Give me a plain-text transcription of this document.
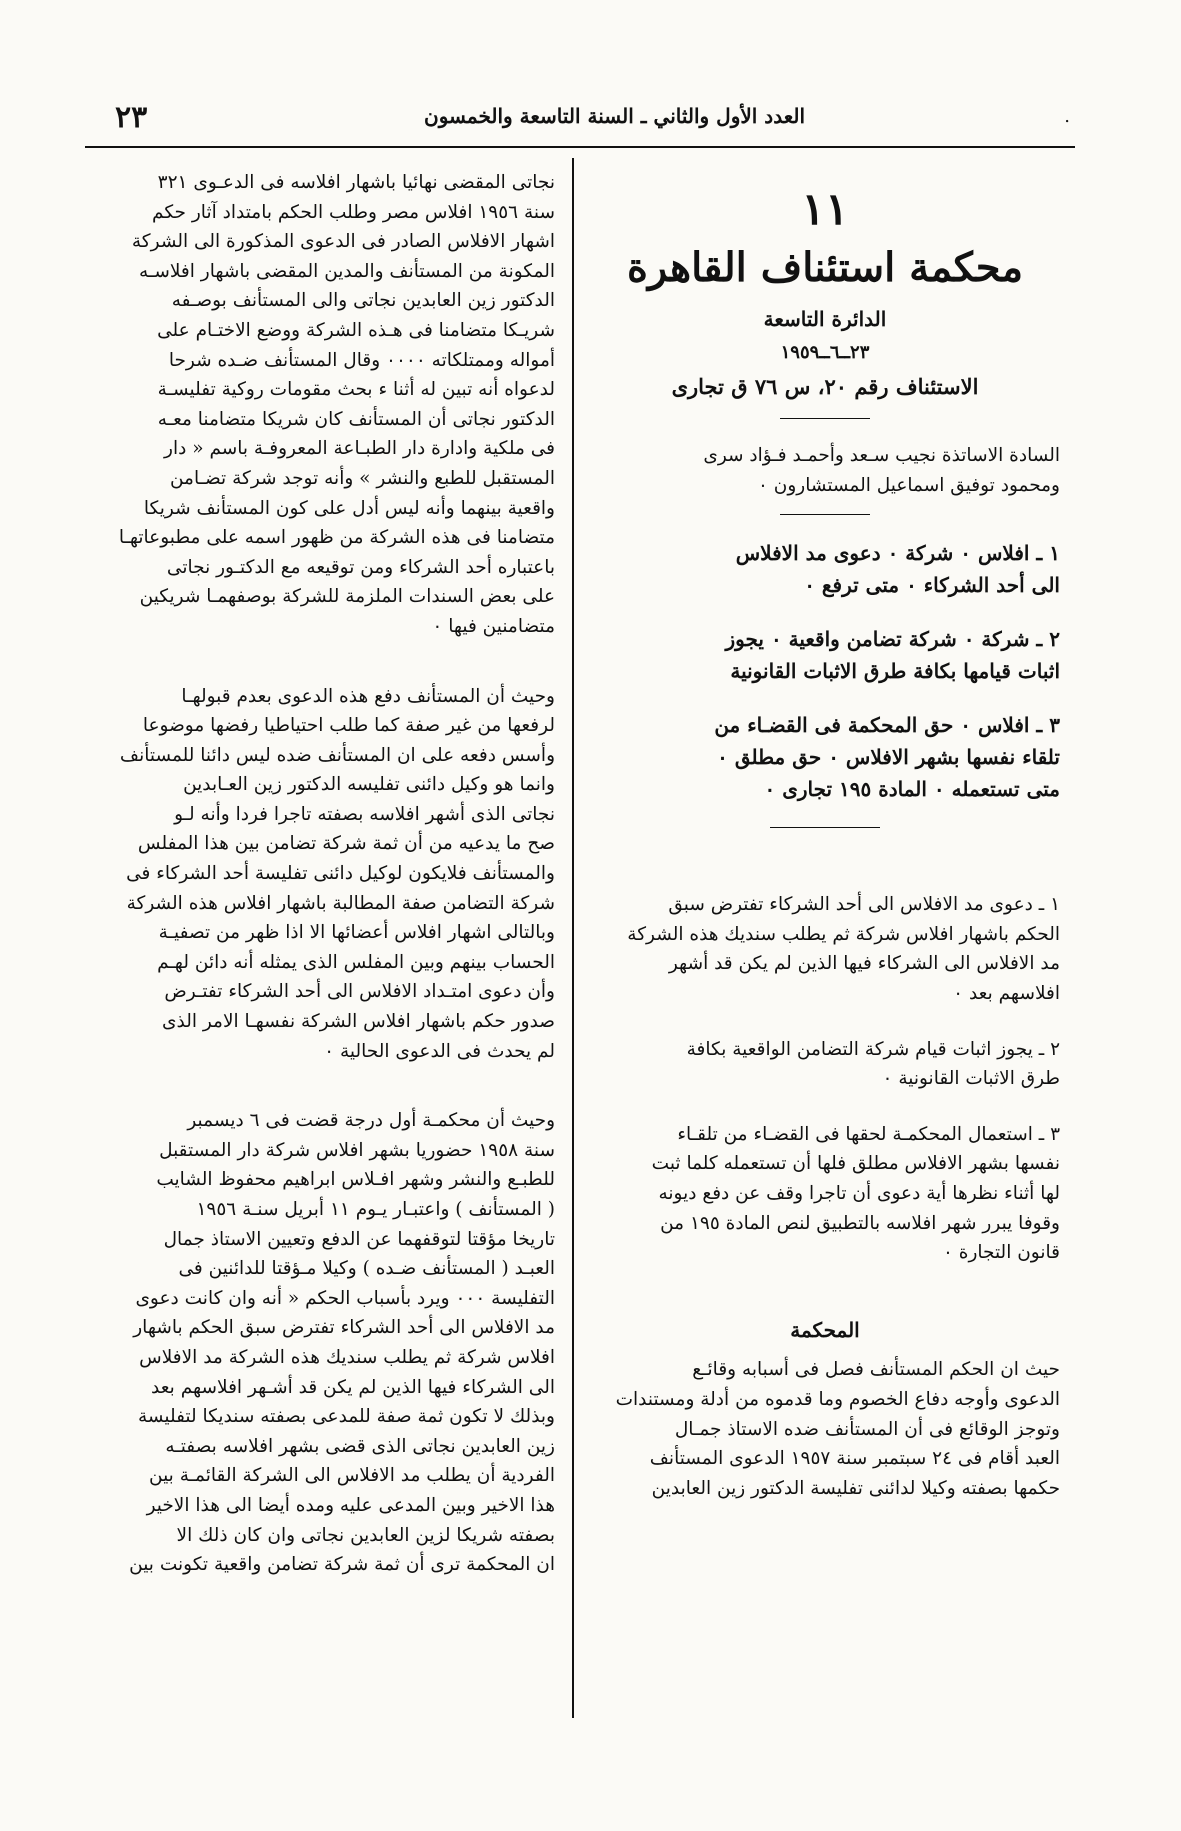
.
العدد الأول والثاني ـ السنة التاسعة والخمسون
٢٣
١١
محكمة استئناف القاهرة
الدائرة التاسعة
٢٣ــ٦ــ١٩٥٩
الاستئناف رقم ٢٠، س ٧٦ ق تجارى

السادة الاساتذة نجيب سـعد وأحمـد فـؤاد سرى

ومحمود توفيق اسماعيل المستشارون ٠

١ ـ افلاس ٠ شركة ٠ دعوى مد الافلاس

الى أحد الشركاء ٠ متى ترفع ٠

٢ ـ شركة ٠ شركة تضامن واقعية ٠ يجوز

اثبات قيامها بكافة طرق الاثبات القانونية

٣ ـ افلاس ٠ حق المحكمة فى القضـاء من

تلقاء نفسها بشهر الافلاس ٠ حق مطلق ٠

متى تستعمله ٠ المادة ١٩٥ تجارى ٠

١ ـ دعوى مد الافلاس الى أحد الشركاء تفترض سبق

الحكم باشهار افلاس شركة ثم يطلب سنديك هذه الشركة

مد الافلاس الى الشركاء فيها الذين لم يكن قد أشهر

افلاسهم بعد ٠

٢ ـ يجوز اثبات قيام شركة التضامن الواقعية بكافة

طرق الاثبات القانونية ٠

٣ ـ استعمال المحكمـة لحقها فى القضـاء من تلقـاء

نفسها بشهر الافلاس مطلق فلها أن تستعمله كلما ثبت

لها أثناء نظرها أية دعوى أن تاجرا وقف عن دفع ديونه

وقوفا يبرر شهر افلاسه بالتطبيق لنص المادة ١٩٥ من

قانون التجارة ٠

المحكمة

حيث ان الحكم المستأنف فصل فى أسبابه وقائـع

الدعوى وأوجه دفاع الخصوم وما قدموه من أدلة ومستندات

وتوجز الوقائع فى أن المستأنف ضده الاستاذ جمـال

العبد أقام فى ٢٤ سبتمبر سنة ١٩٥٧ الدعوى المستأنف

حكمها بصفته وكيلا لدائنى تفليسة الدكتور زين العابدين

نجاتى المقضى نهائيا باشهار افلاسه فى الدعـوى ٣٢١

سنة ١٩٥٦ افلاس مصر وطلب الحكم بامتداد آثار حكم

اشهار الافلاس الصادر فى الدعوى المذكورة الى الشركة

المكونة من المستأنف والمدين المقضى باشهار افلاسـه

الدكتور زين العابدين نجاتى والى المستأنف بوصـفه

شريـكا متضامنا فى هـذه الشركة ووضع الاختـام على

أمواله وممتلكاته ٠٠٠٠ وقال المستأنف ضـده شرحا

لدعواه أنه تبين له أثنا ء بحث مقومات روكية تفليسـة

الدكتور نجاتى أن المستأنف كان شريكا متضامنا معـه

فى ملكية وادارة دار الطبـاعة المعروفـة باسم « دار

المستقبل للطبع والنشر » وأنه توجد شركة تضـامن

واقعية بينهما وأنه ليس أدل على كون المستأنف شريكا

متضامنا فى هذه الشركة من ظهور اسمه على مطبوعاتهـا

باعتباره أحد الشركاء ومن توقيعه مع الدكتـور نجاتى

على بعض السندات الملزمة للشركة بوصفهمـا شريكين

متضامنين فيها ٠

وحيث أن المستأنف دفع هذه الدعوى بعدم قبولهـا

لرفعها من غير صفة كما طلب احتياطيا رفضها موضوعا

وأسس دفعه على ان المستأنف ضده ليس دائنا للمستأنف

وانما هو وكيل دائنى تفليسه الدكتور زين العـابدين

نجاتى الذى أشهر افلاسه بصفته تاجرا فردا وأنه لـو

صح ما يدعيه من أن ثمة شركة تضامن بين هذا المفلس

والمستأنف فلايكون لوكيل دائنى تفليسة أحد الشركاء فى

شركة التضامن صفة المطالبة باشهار افلاس هذه الشركة

وبالتالى اشهار افلاس أعضائها الا اذا ظهر من تصفيـة

الحساب بينهم وبين المفلس الذى يمثله أنه دائن لهـم

وأن دعوى امتـداد الافلاس الى أحد الشركاء تفتـرض

صدور حكم باشهار افلاس الشركة نفسهـا الامر الذى

لم يحدث فى الدعوى الحالية ٠

وحيث أن محكمـة أول درجة قضت فى ٦ ديسمبر

سنة ١٩٥٨ حضوريا بشهر افلاس شركة دار المستقبل

للطبـع والنشر وشهر افـلاس ابراهيم محفوظ الشايب

( المستأنف ) واعتبـار يـوم ١١ أبريل سنـة ١٩٥٦

تاريخا مؤقتا لتوقفهما عن الدفع وتعيين الاستاذ جمال

العبـد ( المستأنف ضـده ) وكيلا مـؤقتا للدائنين فى

التفليسة ٠٠٠ ويرد بأسباب الحكم « أنه وان كانت دعوى

مد الافلاس الى أحد الشركاء تفترض سبق الحكم باشهار

افلاس شركة ثم يطلب سنديك هذه الشركة مد الافلاس

الى الشركاء فيها الذين لم يكن قد أشـهر افلاسهم بعد

وبذلك لا تكون ثمة صفة للمدعى بصفته سنديكا لتفليسة

زين العابدين نجاتى الذى قضى بشهر افلاسه بصفتـه

الفردية أن يطلب مد الافلاس الى الشركة القائمـة بين

هذا الاخير وبين المدعى عليه ومده أيضا الى هذا الاخير

بصفته شريكا لزين العابدين نجاتى وان كان ذلك الا

ان المحكمة ترى أن ثمة شركة تضامن واقعية تكونت بين
